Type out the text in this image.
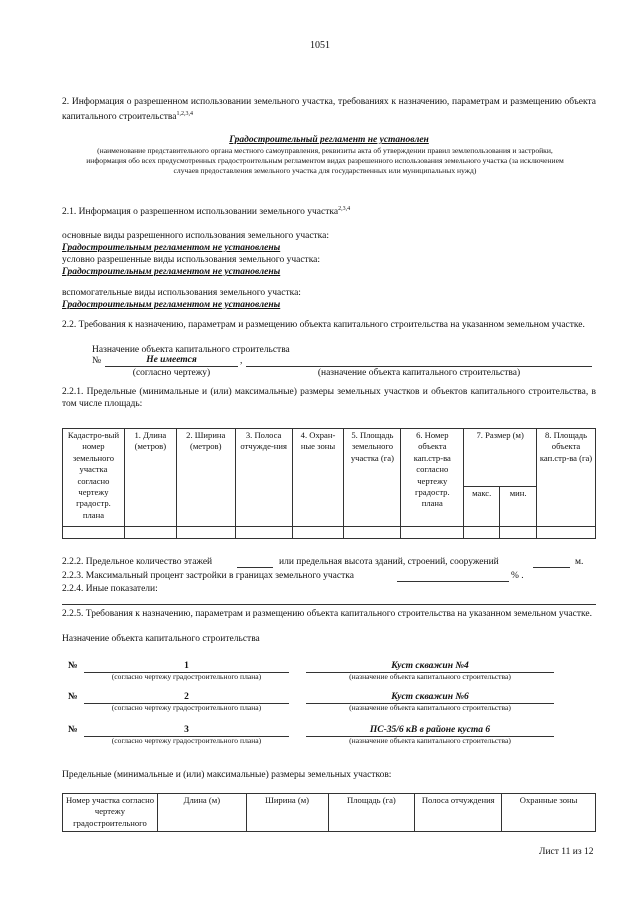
1051
2. Информация о разрешенном использовании земельного участка, требованиях к назначению, параметрам и размещению объекта капитального строительства$^{1,2,3,4}$
Градостроительный регламент не установлен
(наименование представительного органа местного самоуправления, реквизиты акта об утверждении правил землепользования и застройки, информация обо всех предусмотренных градостроительным регламентом видах разрешенного использования земельного участка (за исключением случаев предоставления земельного участка для государственных или муниципальных нужд)
2.1. Информация о разрешенном использовании земельного участка$^{2,3,4}$
основные виды разрешенного использования земельного участка:
Градостроительным регламентом не установлены
условно разрешенные виды использования земельного участка:
Градостроительным регламентом не установлены
вспомогательные виды использования земельного участка:
Градостроительным регламентом не установлены
2.2. Требования к назначению, параметрам и размещению объекта капитального строительства на указанном земельном участке.
Назначение объекта капитального строительства
№	Не имеется	,
(согласно чертежу)	(назначение объекта капитального строительства)
2.2.1. Предельные (минимальные и (или) максимальные) размеры земельных участков и объектов капитального строительства, в том числе площадь:
Кадастро-вый номер земельного участка согласно чертежу градостр. плана	1. Длина (метров)	2. Ширина (метров)	3. Полоса отчужде-ния	4. Охран-ные зоны	5. Площадь земельного участка (га)	6. Номер объекта кап.стр-ва согласно чертежу градостр. плана	7. Размер (м)		8. Площадь объекта кап.стр-ва (га)
							макс.	мин.	

2.2.2. Предельное количество этажей	или предельная высота зданий, строений, сооружений	м.
2.2.3. Максимальный процент застройки в границах земельного участка	% .
2.2.4. Иные показатели:
2.2.5. Требования к назначению, параметрам и размещению объекта капитального строительства на указанном земельном участке.
Назначение объекта капитального строительства
№	1
(согласно чертежу градостроительного плана)
Куст скважин №4
(назначение объекта капитального строительства)
№	2
(согласно чертежу градостроительного плана)
Куст скважин №6
(назначение объекта капитального строительства)
№	3
(согласно чертежу градостроительного плана)
ПС-35/6 кВ в районе куста 6
(назначение объекта капитального строительства)
Предельные (минимальные и (или) максимальные) размеры земельных участков:
Номер участка согласно чертежу градостроительного	Длина (м)	Ширина (м)	Площадь (га)	Полоса отчуждения	Охранные зоны
Лист 11 из 12
